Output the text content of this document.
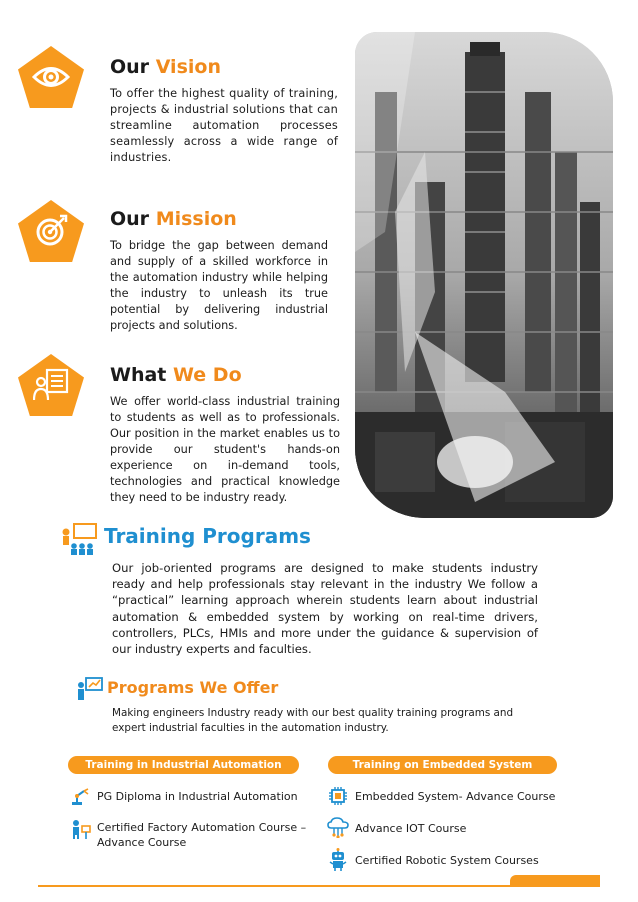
Our Vision
To offer the highest quality of training, projects & industrial solutions that can streamline automation processes seamlessly across a wide range of industries.
Our Mission
To bridge the gap between demand and supply of a skilled workforce in the automation industry while helping the industry to unleash its true potential by delivering industrial projects and solutions.
What We Do
We offer world-class industrial training to students as well as to professionals. Our position in the market enables us to provide our student's hands-on experience on in-demand tools, technologies and practical knowledge they need to be industry ready.
Training Programs
Our job-oriented programs are designed to make students industry ready and help professionals stay relevant in the industry We follow a “practical” learning approach wherein students learn about industrial automation & embedded system by working on real-time drivers, controllers, PLCs, HMIs and more under the guidance & supervision of our industry experts and faculties.
Programs We Offer
Making engineers Industry ready with our best quality training programs and expert industrial faculties in the automation industry.
Training in Industrial Automation	Training on Embedded System
PG Diploma in Industrial Automation
Certified Factory Automation Course – Advance Course
Embedded System- Advance Course
Advance IOT Course
Certified Robotic System Courses
